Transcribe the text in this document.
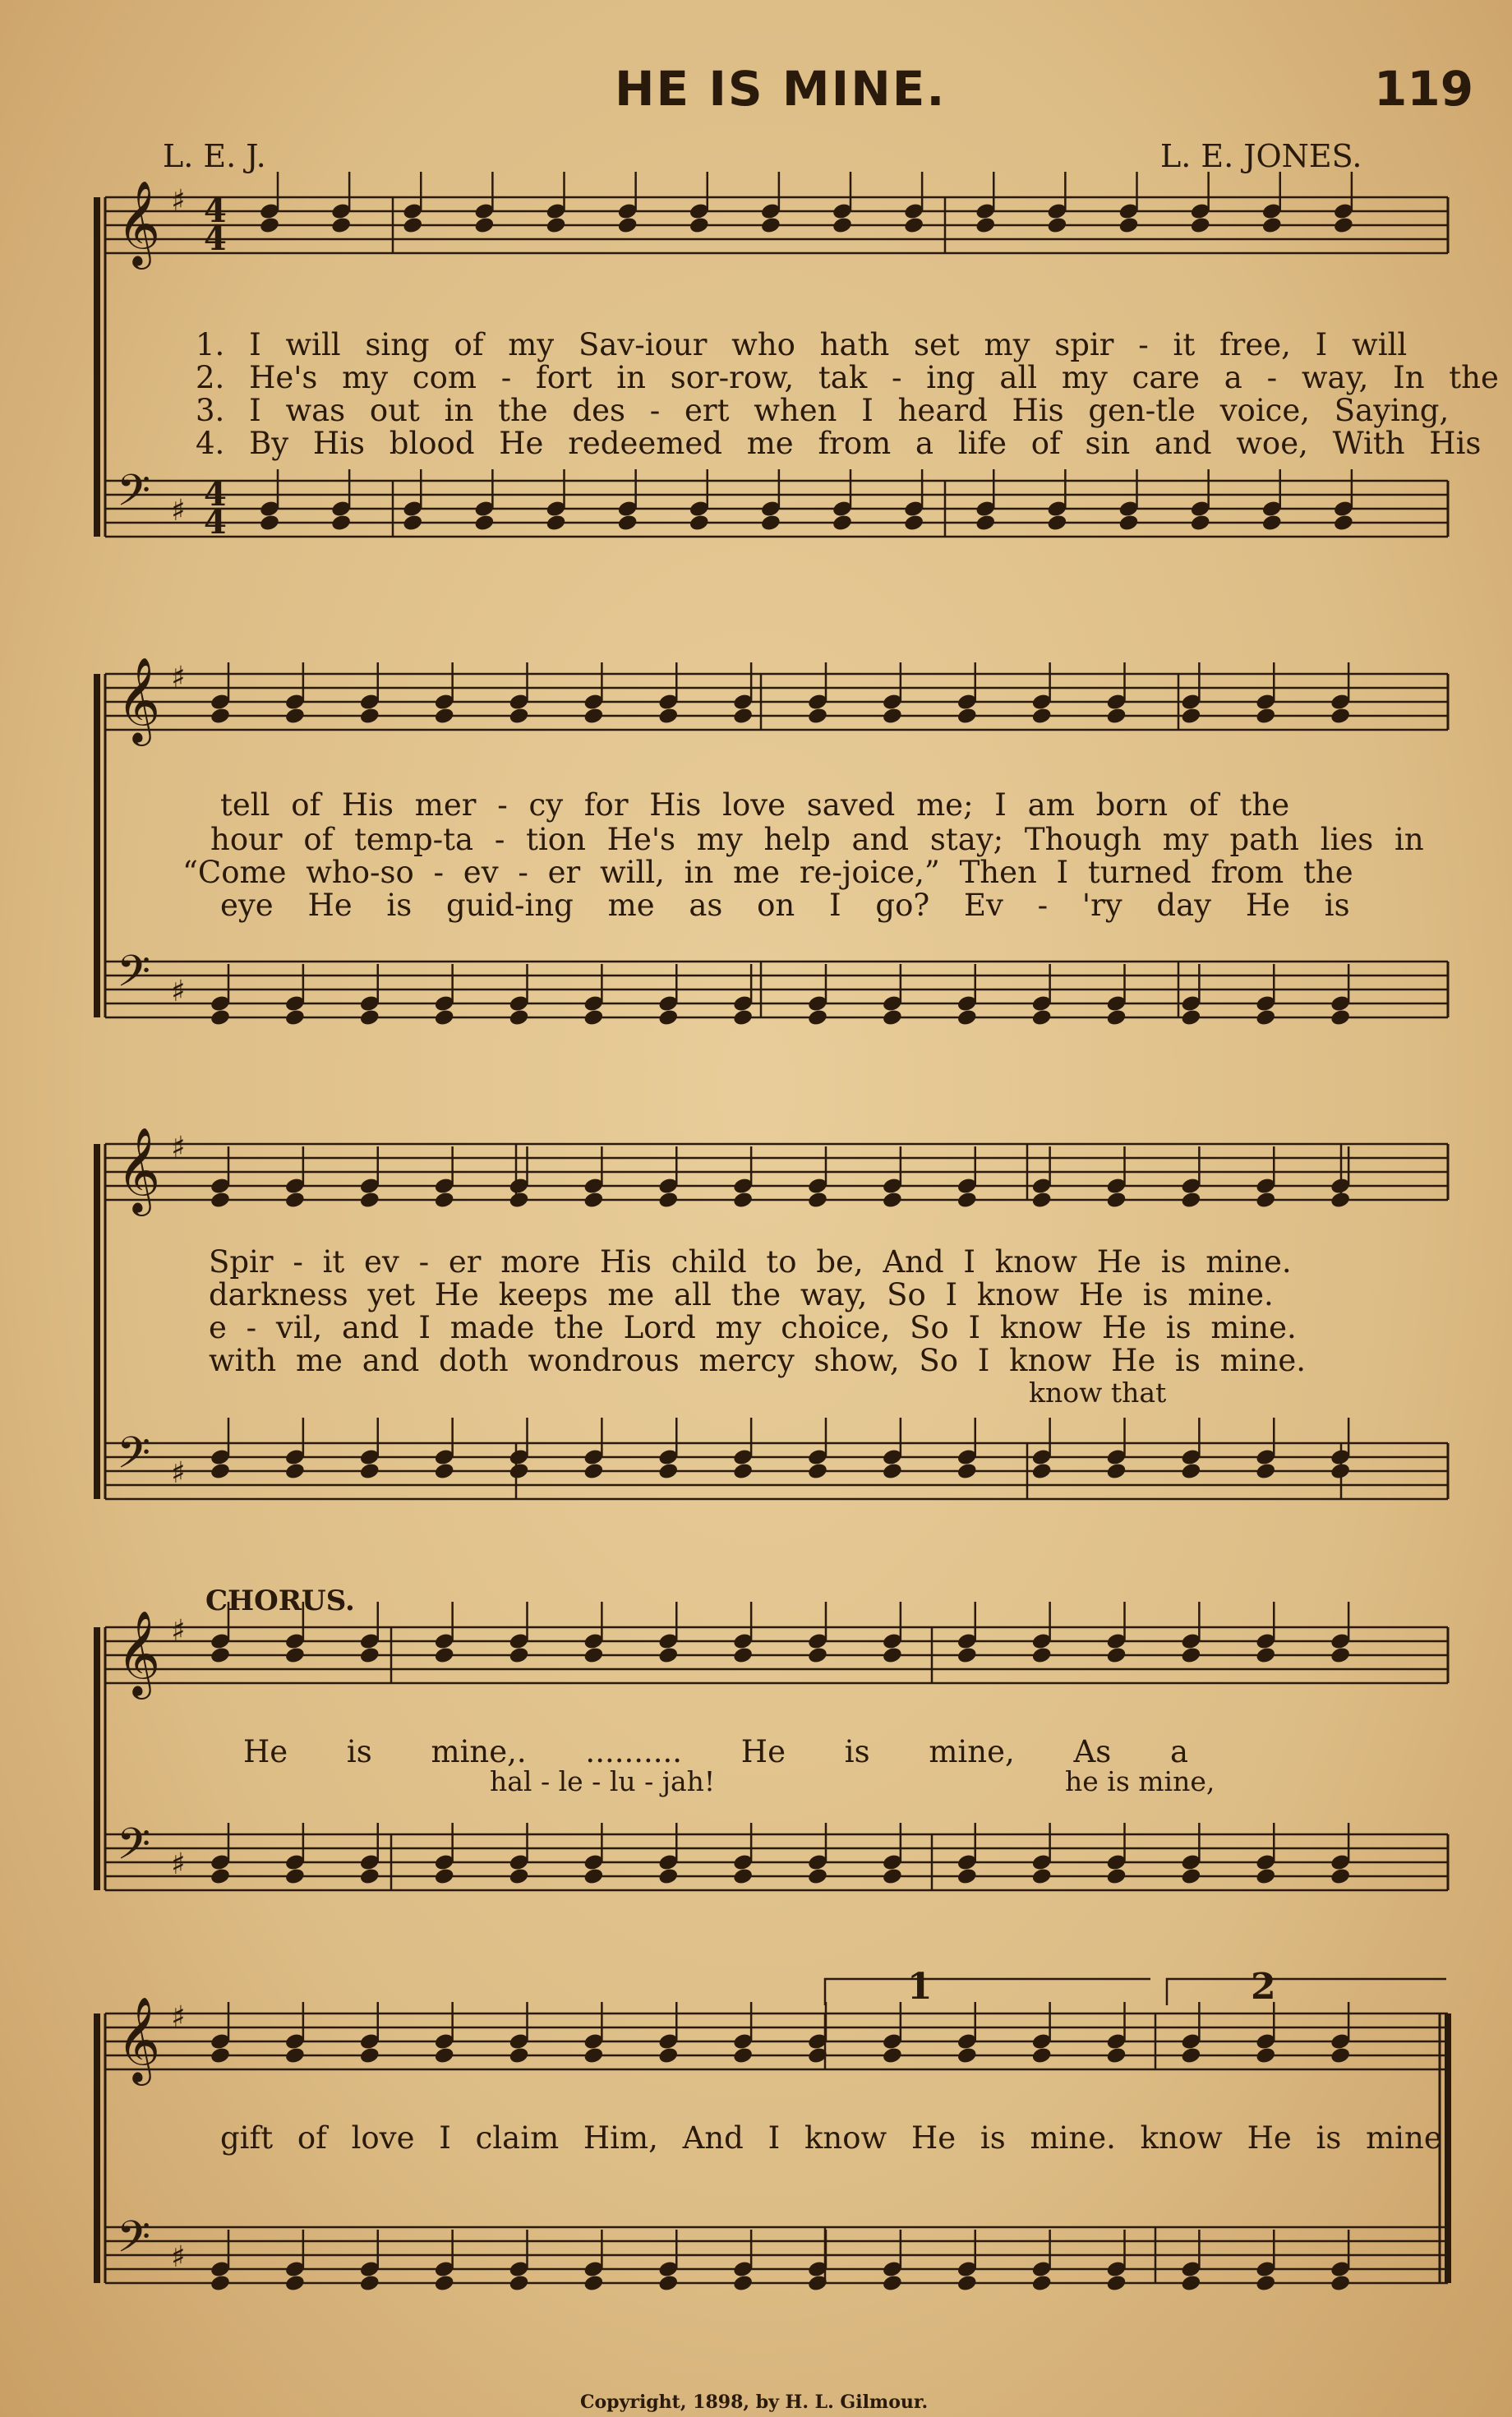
HE IS MINE.	119
L. E. J.	L. E. JONES.
𝄞 ♯
𝄢 ♯
𝄞 ♯
𝄢 ♯
𝄞 ♯
𝄢 ♯
𝄞 ♯
𝄢 ♯
𝄞 ♯
𝄢 ♯
4
4
4
4
1. I will sing of my Sav-iour who hath set my spir - it free, I will
2. He's my com - fort in sor-row, tak - ing all my care a - way, In the
3. I was out in the des - ert when I heard His gen-tle voice, Saying,
4. By His blood He redeemed me from a life of sin and woe, With His
tell of His mer - cy for His love saved me; I am born of the
hour of temp-ta - tion He's my help and stay; Though my path lies in
“Come who-so - ev - er will, in me re-joice,” Then I turned from the
eye He is guid-ing me as on I go? Ev - 'ry day He is
Spir - it ev - er more His child to be, And I know He is mine.
darkness yet He keeps me all the way, So I know He is mine.
e - vil, and I made the Lord my choice, So I know He is mine.
with me and doth wondrous mercy show, So I know He is mine.
know that
CHORUS.
He is mine,. .......... He is mine, As a
hal - le - lu - jah!	he is mine,
gift of love I claim Him, And I know He is mine. know He is mine.
1	2
Copyright, 1898, by H. L. Gilmour.
